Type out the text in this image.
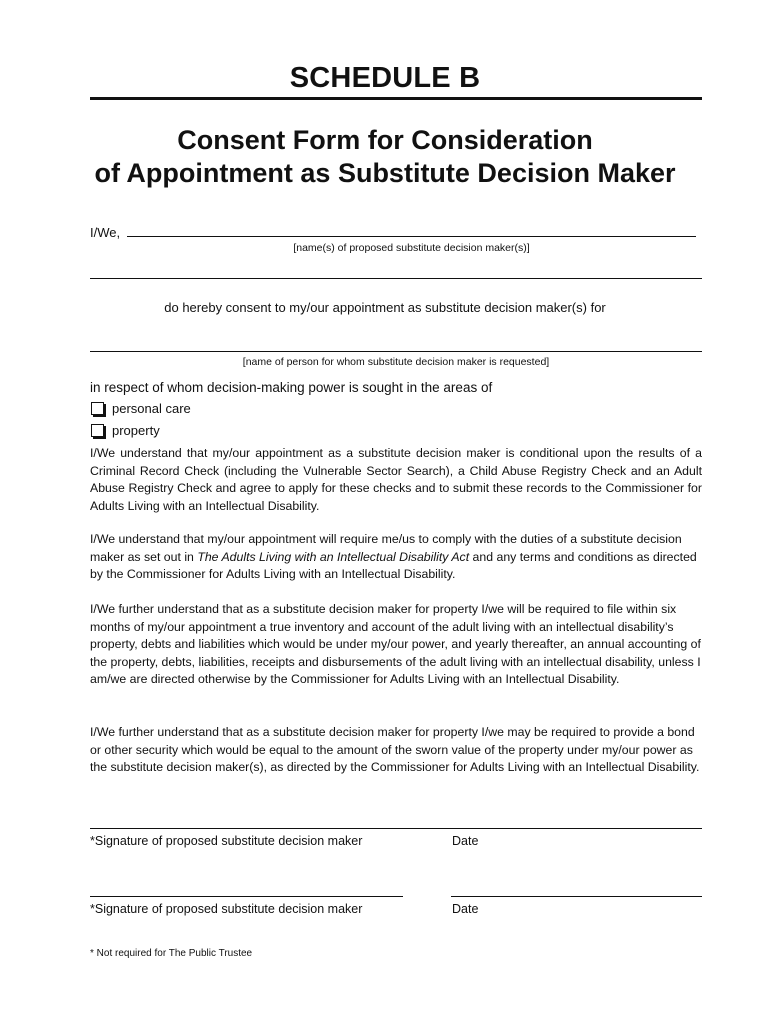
SCHEDULE B
Consent Form for Consideration
of Appointment as Substitute Decision Maker
I/We,
[name(s) of proposed substitute decision maker(s)]
do hereby consent to my/our appointment as substitute decision maker(s) for
[name of person for whom substitute decision maker is requested]
in respect of whom decision-making power is sought in the areas of
personal care
property
I/We understand that my/our appointment as a substitute decision maker is conditional upon the results of a Criminal Record Check (including the Vulnerable Sector Search), a Child Abuse Registry Check and an Adult Abuse Registry Check and agree to apply for these checks and to submit these records to the Commissioner for Adults Living with an Intellectual Disability.
I/We understand that my/our appointment will require me/us to comply with the duties of a substitute decision maker as set out in The Adults Living with an Intellectual Disability Act and any terms and conditions as directed by the Commissioner for Adults Living with an Intellectual Disability.
I/We further understand that as a substitute decision maker for property I/we will be required to file within six months of my/our appointment a true inventory and account of the adult living with an intellectual disability’s property, debts and liabilities which would be under my/our power, and yearly thereafter, an annual accounting of the property, debts, liabilities, receipts and disbursements of the adult living with an intellectual disability, unless I am/we are directed otherwise by the Commissioner for Adults Living with an Intellectual Disability.
I/We further understand that as a substitute decision maker for property I/we may be required to provide a bond or other security which would be equal to the amount of the sworn value of the property under my/our power as the substitute decision maker(s), as directed by the Commissioner for Adults Living with an Intellectual Disability.
*Signature of proposed substitute decision maker	Date
*Signature of proposed substitute decision maker	Date
* Not required for The Public Trustee
